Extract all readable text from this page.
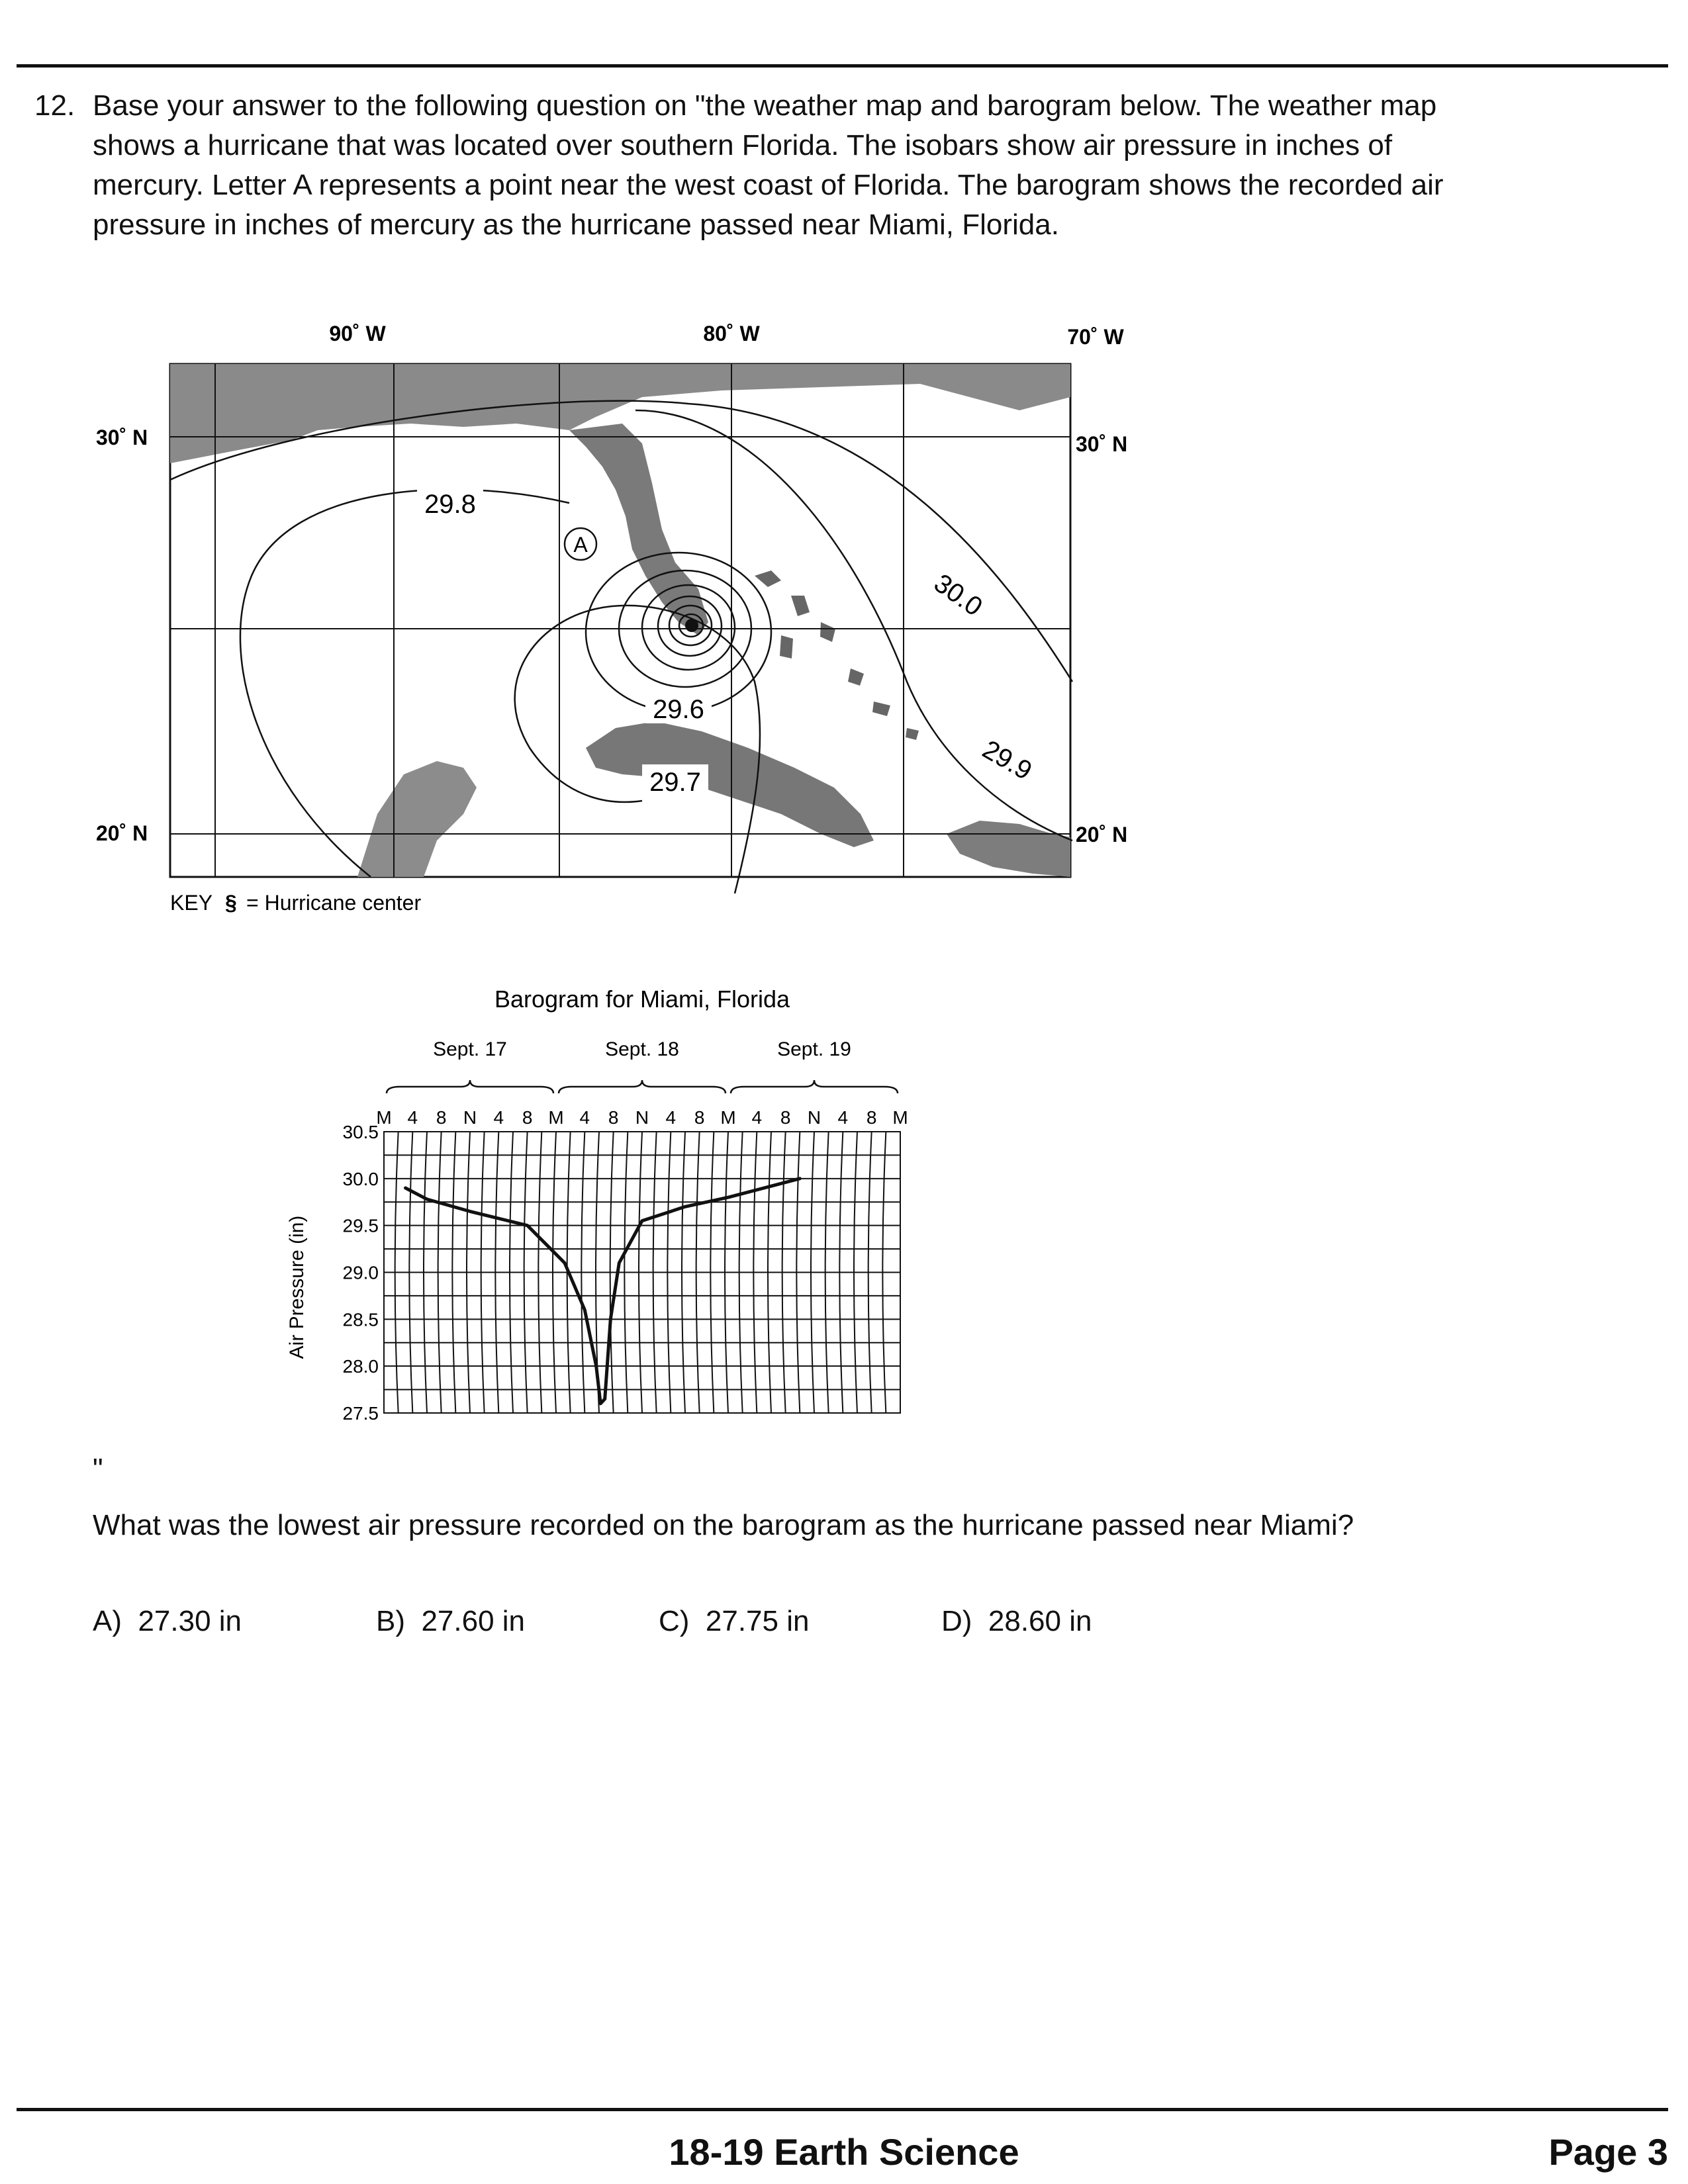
12. Base your answer to the following question on "the weather map and barogram below. The weather map shows a hurricane that was located over southern Florida. The isobars show air pressure in inches of mercury. Letter A represents a point near the west coast of Florida. The barogram shows the recorded air pressure in inches of mercury as the hurricane passed near Miami, Florida.
A
29.8
30.0
29.6
29.9
29.7
90˚ W	80˚ W	70˚ W
30˚ N
20˚ N
30˚ N
20˚ N
KEY § = Hurricane center
Barogram for Miami, Florida
Sept. 17	Sept. 18	Sept. 19
M 4 8 N 4 8 M 4 8 N 4 8 M 4 8 N 4 8 M
Air Pressure (in)
30.5
30.0
29.5
29.0
28.5
28.0
27.5
"
What was the lowest air pressure recorded on the barogram as the hurricane passed near Miami?
A) 27.30 in	B) 27.60 in	C) 27.75 in	D) 28.60 in
18-19 Earth Science	Page 3
